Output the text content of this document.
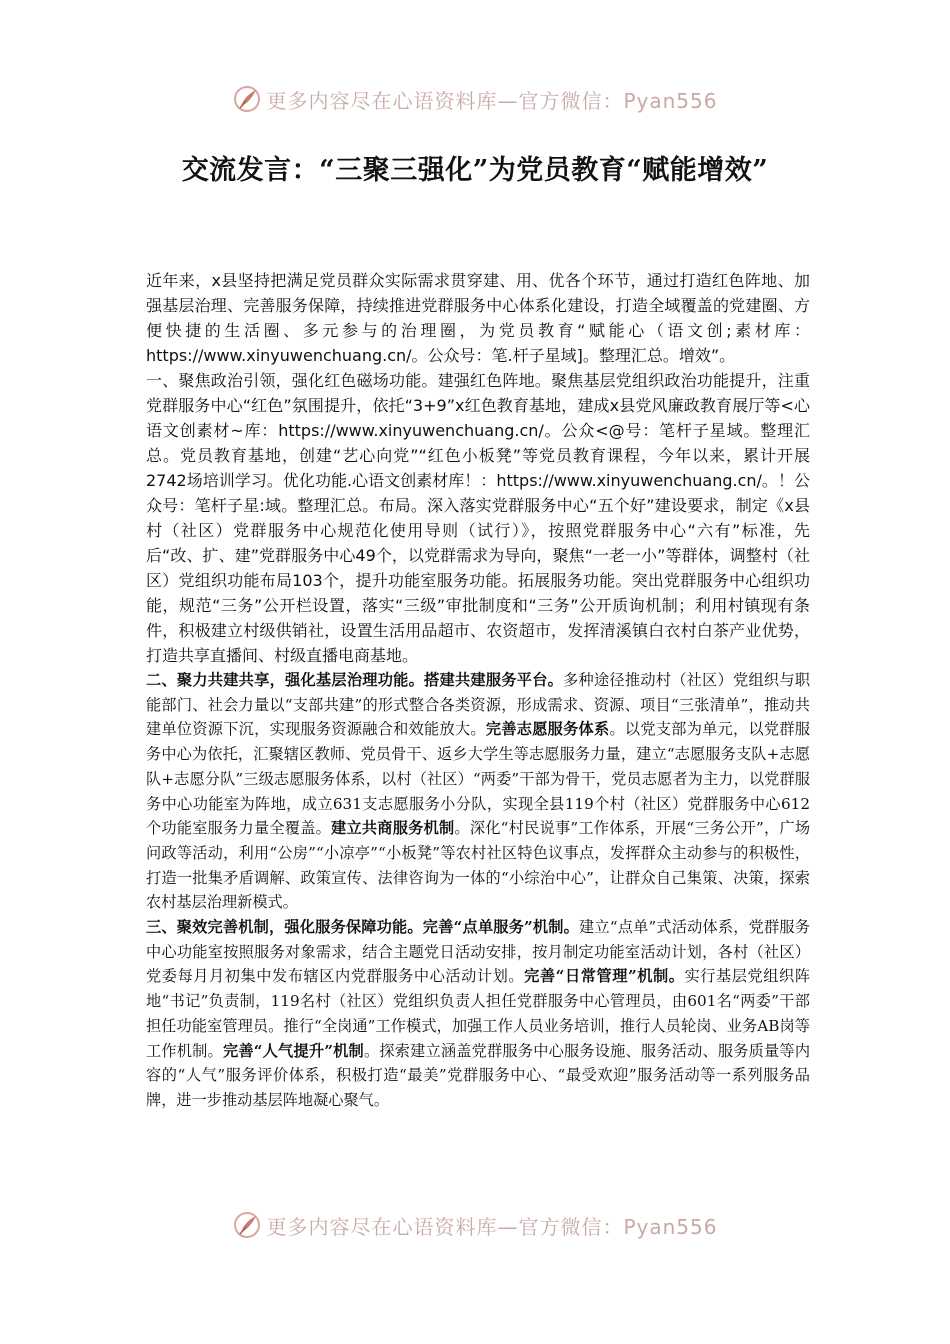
更多内容尽在心语资料库—官方微信：Pyan556
交流发言：“三聚三强化”为党员教育“赋能增效”

近年来，x县坚持把满足党员群众实际需求贯穿建、用、优各个环节，通过打造红色阵地、加强基层治理、完善服务保障，持续推进党群服务中心体系化建设，打造全域覆盖的党建圈、方便快捷的生活圈、多元参与的治理圈，为党员教育“赋能心（语文创;素材库：https://www.xinyuwenchuang.cn/。公众号：笔.杆子星域]。整理汇总。增效”。

一、聚焦政治引领，强化红色磁场功能。建强红色阵地。聚焦基层党组织政治功能提升，注重党群服务中心“红色”氛围提升，依托“3+9”x红色教育基地，建成x县党风廉政教育展厅等<心语文创素材~库：https://www.xinyuwenchuang.cn/。公众<@号：笔杆子星域。整理汇总。党员教育基地，创建“艺心向党”“红色小板凳”等党员教育课程，今年以来，累计开展2742场培训学习。优化功能.心语文创素材库！：https://www.xinyuwenchuang.cn/。！公众号：笔杆子星:域。整理汇总。布局。深入落实党群服务中心“五个好”建设要求，制定《x县村（社区）党群服务中心规范化使用导则（试行）》，按照党群服务中心“六有”标准，先后“改、扩、建”党群服务中心49个，以党群需求为导向，聚焦“一老一小”等群体，调整村（社区）党组织功能布局103个，提升功能室服务功能。拓展服务功能。突出党群服务中心组织功能，规范“三务”公开栏设置，落实“三级”审批制度和“三务”公开质询机制；利用村镇现有条件，积极建立村级供销社，设置生活用品超市、农资超市，发挥清溪镇白衣村白茶产业优势，打造共享直播间、村级直播电商基地。

二、聚力共建共享，强化基层治理功能。搭建共建服务平台。多种途径推动村（社区）党组织与职能部门、社会力量以“支部共建”的形式整合各类资源，形成需求、资源、项目“三张清单”，推动共建单位资源下沉，实现服务资源融合和效能放大。完善志愿服务体系。以党支部为单元，以党群服务中心为依托，汇聚辖区教师、党员骨干、返乡大学生等志愿服务力量，建立“志愿服务支队+志愿队+志愿分队”三级志愿服务体系，以村（社区）“两委”干部为骨干，党员志愿者为主力，以党群服务中心功能室为阵地，成立631支志愿服务小分队，实现全县119个村（社区）党群服务中心612个功能室服务力量全覆盖。建立共商服务机制。深化“村民说事”工作体系，开展“三务公开”，广场问政等活动，利用“公房”“小凉亭”“小板凳”等农村社区特色议事点，发挥群众主动参与的积极性，打造一批集矛盾调解、政策宣传、法律咨询为一体的“小综治中心”，让群众自己集策、决策，探索农村基层治理新模式。

三、聚效完善机制，强化服务保障功能。完善“点单服务”机制。建立“点单”式活动体系，党群服务中心功能室按照服务对象需求，结合主题党日活动安排，按月制定功能室活动计划，各村（社区）党委每月月初集中发布辖区内党群服务中心活动计划。完善“日常管理”机制。实行基层党组织阵地“书记”负责制，119名村（社区）党组织负责人担任党群服务中心管理员，由601名“两委”干部担任功能室管理员。推行“全岗通”工作模式，加强工作人员业务培训，推行人员轮岗、业务AB岗等工作机制。完善“人气提升”机制。探索建立涵盖党群服务中心服务设施、服务活动、服务质量等内容的“人气”服务评价体系，积极打造“最美”党群服务中心、“最受欢迎”服务活动等一系列服务品牌，进一步推动基层阵地凝心聚气。

更多内容尽在心语资料库—官方微信：Pyan556
